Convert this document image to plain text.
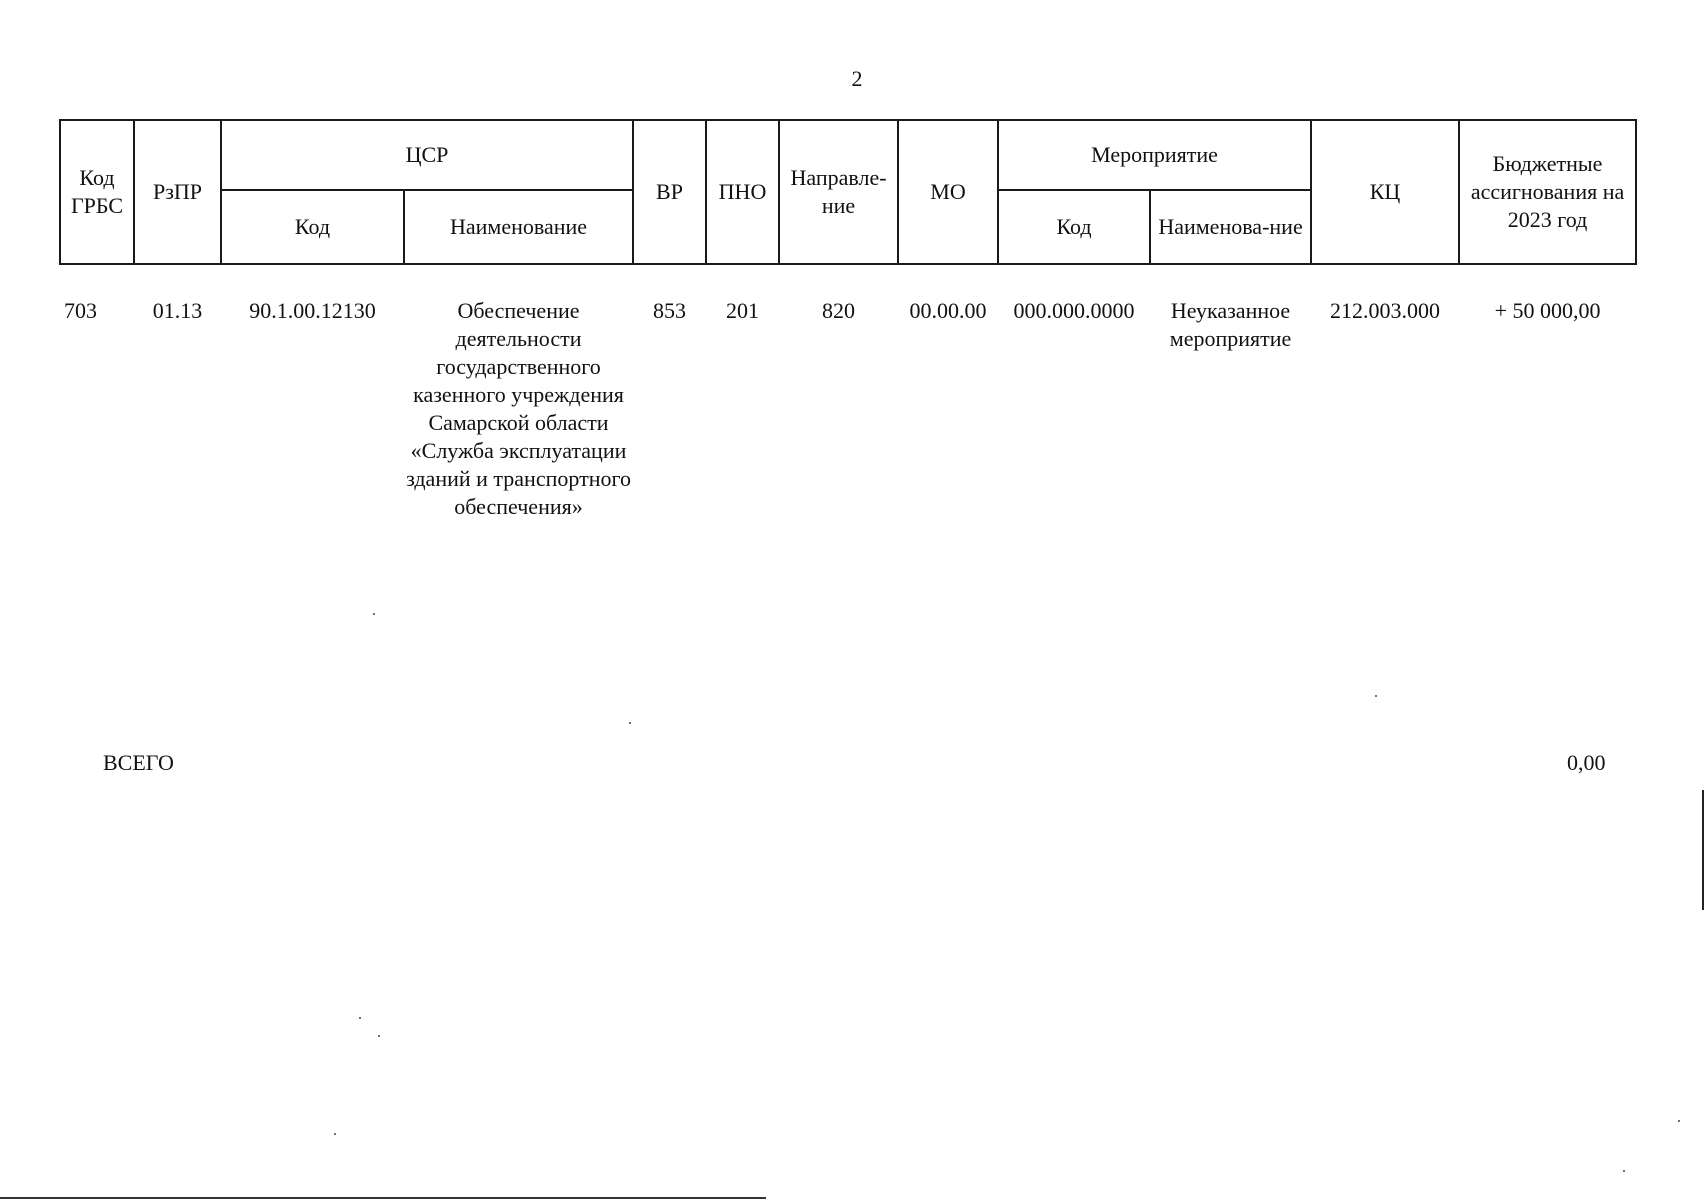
2
Код ГРБС	РзПР	ЦСР		ВР	ПНО	Направле-ние	МО	Мероприятие		КЦ	Бюджетные ассигнования на 2023 год
		Код	Наименование					Код	Наименова-ние		

703	01.13	90.1.00.12130	Обеспечение деятельности государственного казенного учреждения Самарской области «Служба эксплуатации зданий и транспортного обеспечения»	853	201	820	00.00.00	000.000.0000	Неуказанное мероприятие	212.003.000	+ 50 000,00
ВСЕГО	0,00
